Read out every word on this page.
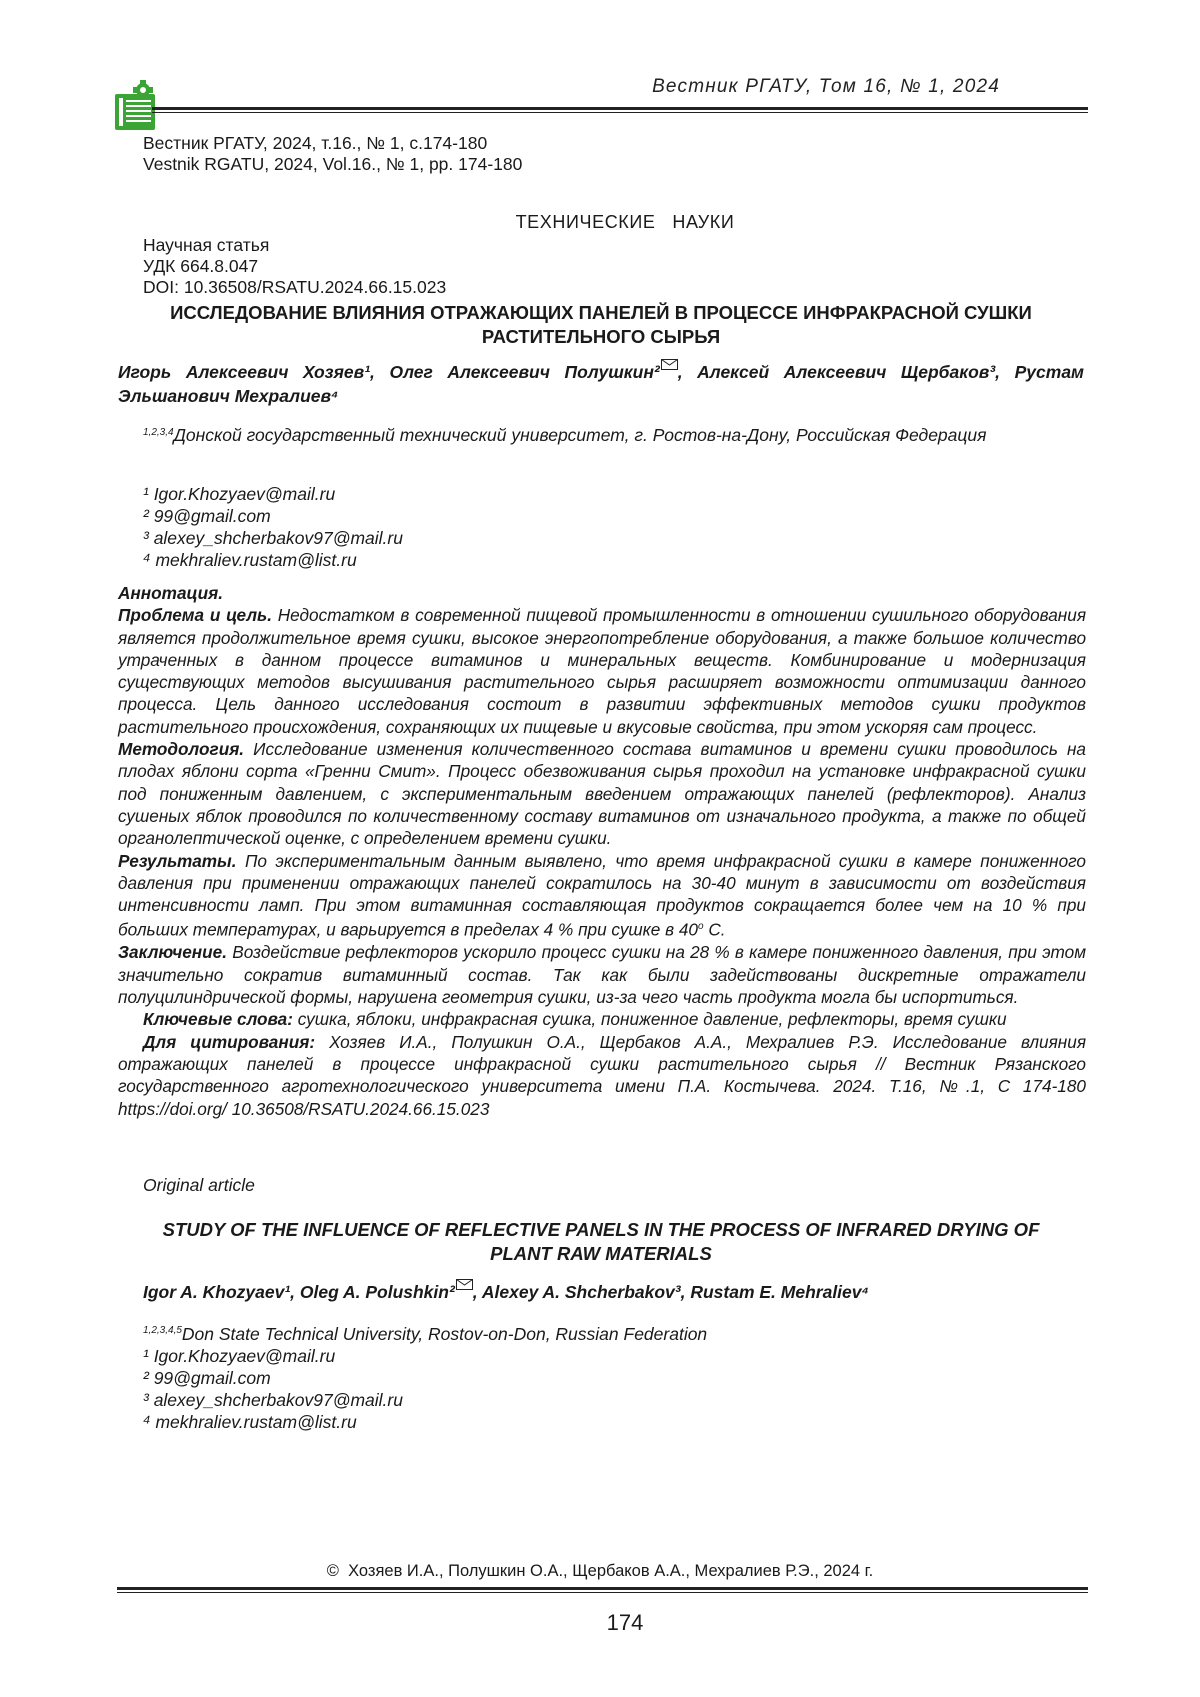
Вестник РГАТУ, Том 16, № 1, 2024
Вестник РГАТУ, 2024, т.16., № 1, с.174-180
Vestnik RGATU, 2024, Vol.16., № 1, pp. 174-180
ТЕХНИЧЕСКИЕ   НАУКИ
Научная статья
УДК 664.8.047
DOI: 10.36508/RSATU.2024.66.15.023
ИССЛЕДОВАНИЕ ВЛИЯНИЯ ОТРАЖАЮЩИХ ПАНЕЛЕЙ В ПРОЦЕССЕ ИНФРАКРАСНОЙ СУШКИ
РАСТИТЕЛЬНОГО СЫРЬЯ
Игорь Алексеевич Хозяев¹, Олег Алексеевич Полушкин² , Алексей Алексеевич Щербаков³, Рустам Эльшанович Мехралиев⁴
$^{1,2,3,4}$Донской государственный технический университет, г. Ростов-на-Дону, Российская Федерация
¹ Igor.Khozyaev@mail.ru
² 99@gmail.com
³ alexey_shcherbakov97@mail.ru
⁴ mekhraliev.rustam@list.ru

Аннотация.

Проблема и цель. Недостатком в современной пищевой промышленности в отношении сушильного оборудования является продолжительное время сушки, высокое энергопотребление оборудования, а также большое количество утраченных в данном процессе витаминов и минеральных веществ. Комбинирование и модернизация существующих методов высушивания растительного сырья расширяет возможности оптимизации данного процесса. Цель данного исследования состоит в развитии эффективных методов сушки продуктов растительного происхождения, сохраняющих их пищевые и вкусовые свойства, при этом ускоряя сам процесс.

Методология. Исследование изменения количественного состава витаминов и времени сушки проводилось на плодах яблони сорта «Гренни Смит». Процесс обезвоживания сырья проходил на установке инфракрасной сушки под пониженным давлением, с экспериментальным введением отражающих панелей (рефлекторов). Анализ сушеных яблок проводился по количественному составу витаминов от изначального продукта, а также по общей органолептической оценке, с определением времени сушки.

Результаты. По экспериментальным данным выявлено, что время инфракрасной сушки в камере пониженного давления при применении отражающих панелей сократилось на 30-40 минут в зависимости от воздействия интенсивности ламп. При этом витаминная составляющая продуктов сокращается более чем на 10 % при больших температурах, и варьируется в пределах 4 % при сушке в $40^о$ С.

Заключение. Воздействие рефлекторов ускорило процесс сушки на 28 % в камере пониженного давления, при этом значительно сократив витаминный состав. Так как были задействованы дискретные отражатели полуцилиндрической формы, нарушена геометрия сушки, из-за чего часть продукта могла бы испортиться.

Ключевые слова: сушка, яблоки, инфракрасная сушка, пониженное давление, рефлекторы, время сушки

Для цитирования: Хозяев И.А., Полушкин О.А., Щербаков А.А., Мехралиев Р.Э. Исследование влияния отражающих панелей в процессе инфракрасной сушки растительного сырья // Вестник Рязанского государственного агротехнологического университета имени П.А. Костычева. 2024. Т.16, №.1, С 174-180 https://doi.org/ 10.36508/RSATU.2024.66.15.023

Original article
STUDY OF THE INFLUENCE OF REFLECTIVE PANELS IN THE PROCESS OF INFRARED DRYING OF
PLANT RAW MATERIALS
Igor A. Khozyaev¹, Oleg A. Polushkin² , Alexey A. Shcherbakov³, Rustam E. Mehraliev⁴
$^{1,2,3,4,5}$Don State Technical University, Rostov-on-Don, Russian Federation
¹ Igor.Khozyaev@mail.ru
² 99@gmail.com
³ alexey_shcherbakov97@mail.ru
⁴ mekhraliev.rustam@list.ru
©  Хозяев И.А., Полушкин О.А., Щербаков А.А., Мехралиев Р.Э., 2024 г.
174
